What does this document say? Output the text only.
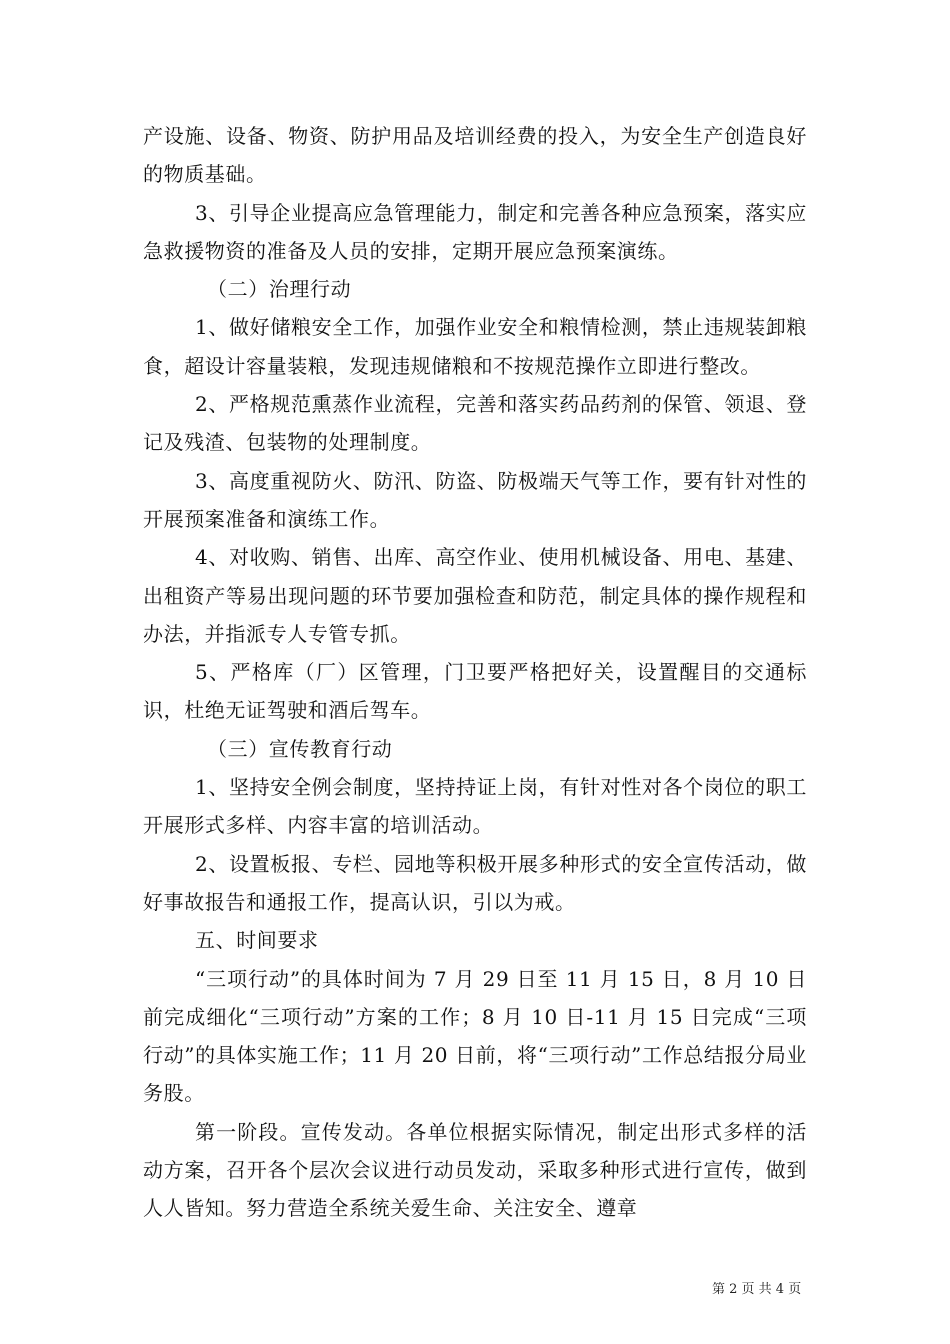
产设施、设备、物资、防护用品及培训经费的投入，为安全生产创造良好的物质基础。

3、引导企业提高应急管理能力，制定和完善各种应急预案，落实应急救援物资的准备及人员的安排，定期开展应急预案演练。

（二）治理行动

1、做好储粮安全工作，加强作业安全和粮情检测，禁止违规装卸粮食，超设计容量装粮，发现违规储粮和不按规范操作立即进行整改。

2、严格规范熏蒸作业流程，完善和落实药品药剂的保管、领退、登记及残渣、包装物的处理制度。

3、高度重视防火、防汛、防盗、防极端天气等工作，要有针对性的开展预案准备和演练工作。

4、对收购、销售、出库、高空作业、使用机械设备、用电、基建、出租资产等易出现问题的环节要加强检查和防范，制定具体的操作规程和办法，并指派专人专管专抓。

5、严格库（厂）区管理，门卫要严格把好关，设置醒目的交通标识，杜绝无证驾驶和酒后驾车。

（三）宣传教育行动

1、坚持安全例会制度，坚持持证上岗，有针对性对各个岗位的职工开展形式多样、内容丰富的培训活动。

2、设置板报、专栏、园地等积极开展多种形式的安全宣传活动，做好事故报告和通报工作，提高认识，引以为戒。

五、时间要求

“三项行动”的具体时间为 7 月 29 日至 11 月 15 日，8 月 10 日前完成细化“三项行动”方案的工作；8 月 10 日-11 月 15 日完成“三项行动”的具体实施工作；11 月 20 日前，将“三项行动”工作总结报分局业务股。

第一阶段。宣传发动。各单位根据实际情况，制定出形式多样的活动方案，召开各个层次会议进行动员发动，采取多种形式进行宣传，做到人人皆知。努力营造全系统关爱生命、关注安全、遵章

第 2 页 共 4 页
